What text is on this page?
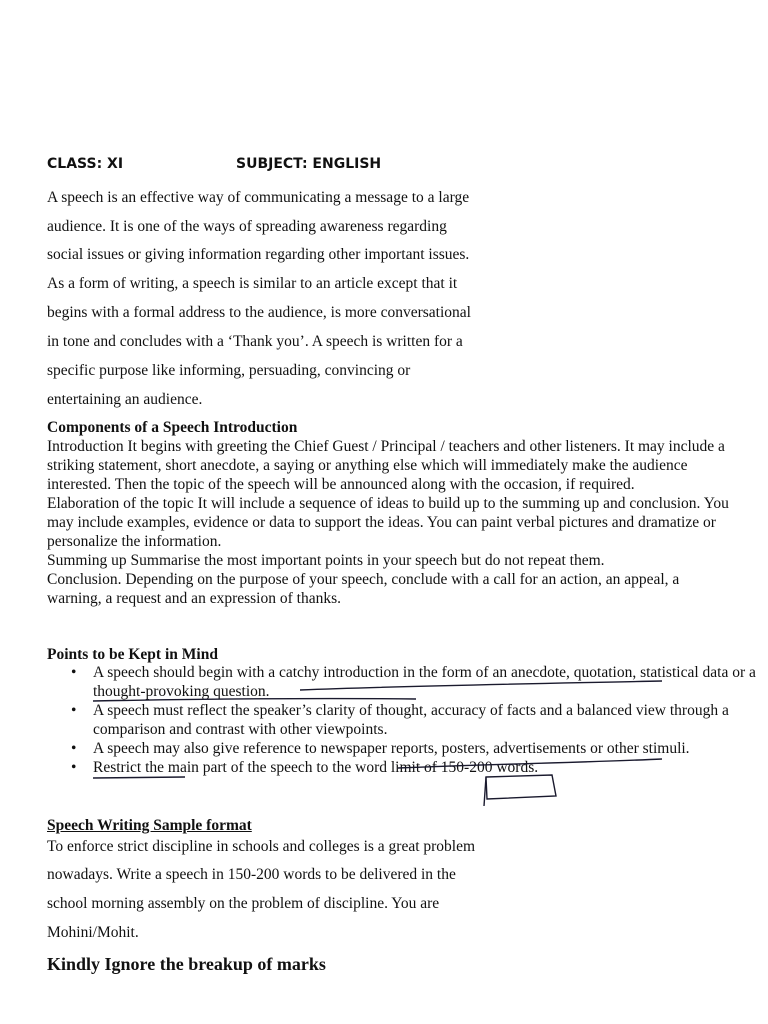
CLASS: XI	SUBJECT: ENGLISH
A speech is an effective way of communicating a message to a large
audience. It is one of the ways of spreading awareness regarding
social issues or giving information regarding other important issues.
As a form of writing, a speech is similar to an article except that it
begins with a formal address to the audience, is more conversational
in tone and concludes with a ‘Thank you’. A speech is written for a
specific purpose like informing, persuading, convincing or
entertaining an audience.

Components of a Speech Introduction

Introduction It begins with greeting the Chief Guest / Principal / teachers and other listeners. It may include a striking statement, short anecdote, a saying or anything else which will immediately make the audience interested. Then the topic of the speech will be announced along with the occasion, if required.

Elaboration of the topic It will include a sequence of ideas to build up to the summing up and conclusion. You may include examples, evidence or data to support the ideas. You can paint verbal pictures and dramatize or personalize the information.

Summing up Summarise the most important points in your speech but do not repeat them.

Conclusion. Depending on the purpose of your speech, conclude with a call for an action, an appeal, a warning, a request and an expression of thanks.

Points to be Kept in Mind

• A speech should begin with a catchy introduction in the form of an anecdote, quotation, statistical data or a thought-provoking question.
• A speech must reflect the speaker’s clarity of thought, accuracy of facts and a balanced view through a comparison and contrast with other viewpoints.
• A speech may also give reference to newspaper reports, posters, advertisements or other stimuli.
• Restrict the main part of the speech to the word limit of 150-200 words.

Speech Writing Sample format

To enforce strict discipline in schools and colleges is a great problem
nowadays. Write a speech in 150-200 words to be delivered in the
school morning assembly on the problem of discipline. You are
Mohini/Mohit.
Kindly Ignore the breakup of marks
